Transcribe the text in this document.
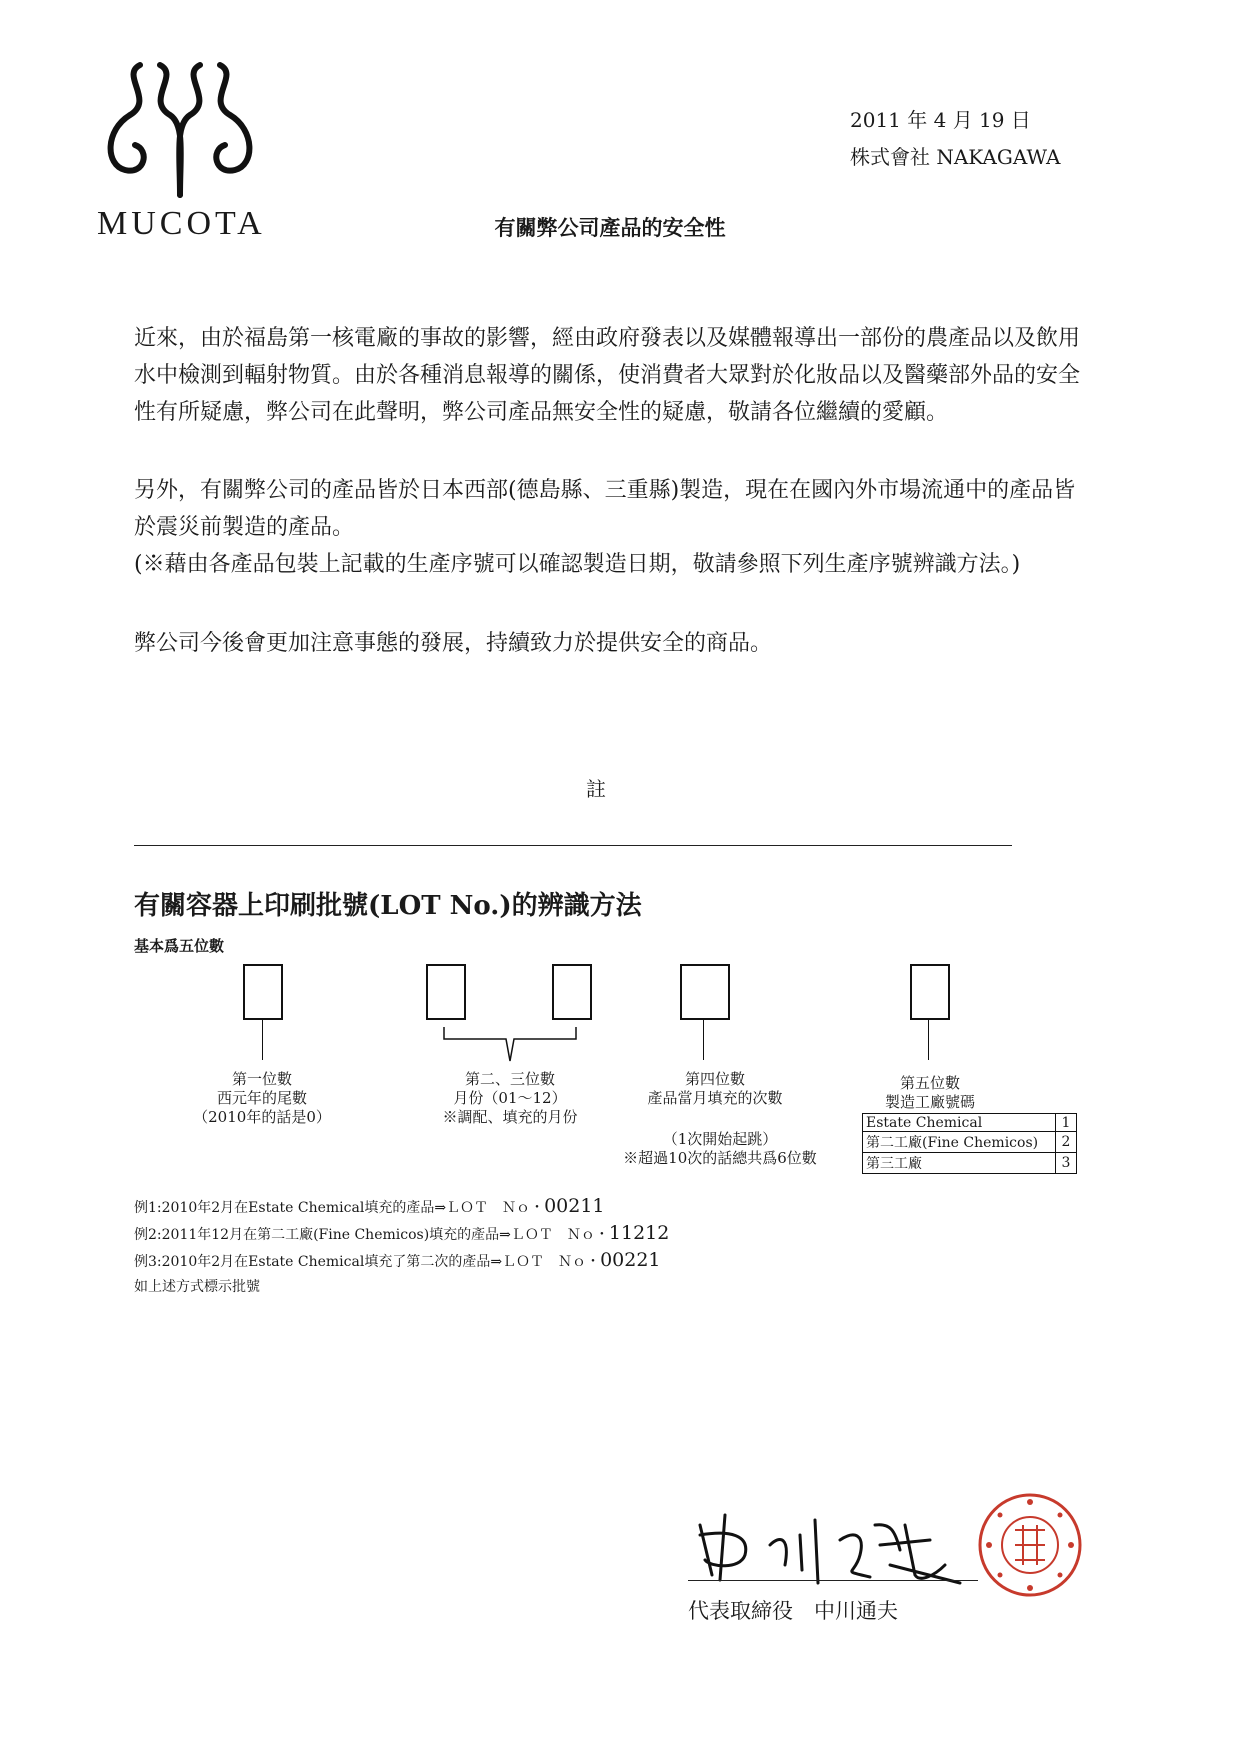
MUCOTA
2011 年 4 月 19 日
株式會社 NAKAGAWA
有關弊公司產品的安全性
近來，由於福島第一核電廠的事故的影響，經由政府發表以及媒體報導出一部份的農產品以及飲用水中檢測到輻射物質。由於各種消息報導的關係，使消費者大眾對於化妝品以及醫藥部外品的安全性有所疑慮，弊公司在此聲明，弊公司產品無安全性的疑慮，敬請各位繼續的愛顧。
另外，有關弊公司的產品皆於日本西部(德島縣、三重縣)製造，現在在國內外市場流通中的產品皆於震災前製造的產品。
(※藉由各產品包裝上記載的生產序號可以確認製造日期，敬請參照下列生產序號辨識方法。)
弊公司今後會更加注意事態的發展，持續致力於提供安全的商品。
註
有關容器上印刷批號(LOT No.)的辨識方法
基本爲五位數
第一位數
西元年的尾數
（2010年的話是0）
第二、三位數
月份（01～12）
※調配、填充的月份
第四位數
產品當月填充的次數
（1次開始起跳）
※超過10次的話總共爲6位數
第五位數
製造工廠號碼
Estate Chemical	1
第二工廠(Fine Chemicos)	2
第三工廠	3
例1:2010年2月在Estate Chemical填充的產品⇒ＬＯＴ　Ｎｏ・00211
例2:2011年12月在第二工廠(Fine Chemicos)填充的產品⇒ＬＯＴ　Ｎｏ・11212
例3:2010年2月在Estate Chemical填充了第二次的產品⇒ＬＯＴ　Ｎｏ・00221
如上述方式標示批號
代表取締役　中川通夫
